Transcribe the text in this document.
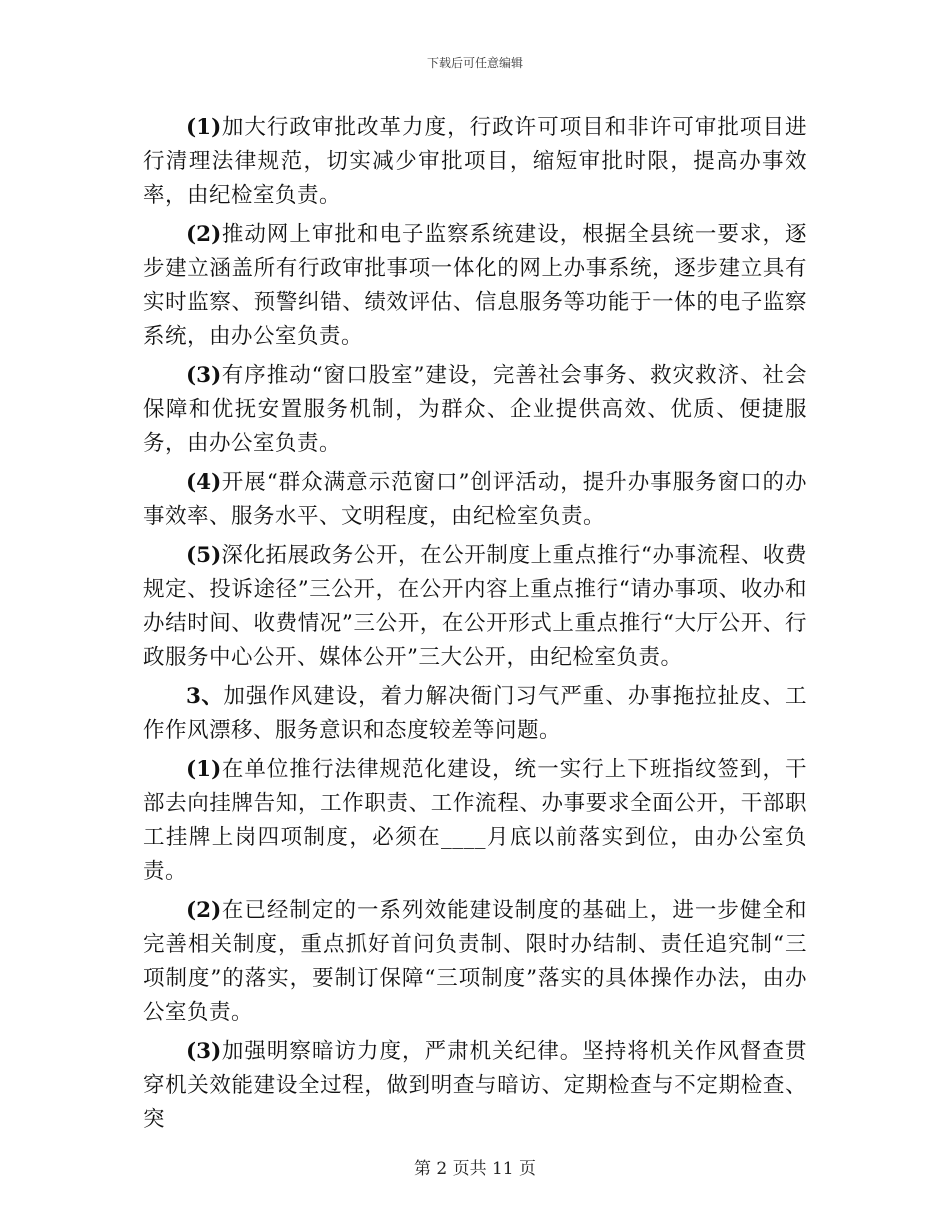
下载后可任意编辑

(1)加大行政审批改革力度，行政许可项目和非许可审批项目进行清理法律规范，切实减少审批项目，缩短审批时限，提高办事效率，由纪检室负责。

(2)推动网上审批和电子监察系统建设，根据全县统一要求，逐步建立涵盖所有行政审批事项一体化的网上办事系统，逐步建立具有实时监察、预警纠错、绩效评估、信息服务等功能于一体的电子监察系统，由办公室负责。

(3)有序推动“窗口股室”建设，完善社会事务、救灾救济、社会保障和优抚安置服务机制，为群众、企业提供高效、优质、便捷服务，由办公室负责。

(4)开展“群众满意示范窗口”创评活动，提升办事服务窗口的办事效率、服务水平、文明程度，由纪检室负责。

(5)深化拓展政务公开，在公开制度上重点推行“办事流程、收费规定、投诉途径”三公开，在公开内容上重点推行“请办事项、收办和办结时间、收费情况”三公开，在公开形式上重点推行“大厅公开、行政服务中心公开、媒体公开”三大公开，由纪检室负责。

3、加强作风建设，着力解决衙门习气严重、办事拖拉扯皮、工作作风漂移、服务意识和态度较差等问题。

(1)在单位推行法律规范化建设，统一实行上下班指纹签到，干部去向挂牌告知，工作职责、工作流程、办事要求全面公开，干部职工挂牌上岗四项制度，必须在____月底以前落实到位，由办公室负责。

(2)在已经制定的一系列效能建设制度的基础上，进一步健全和完善相关制度，重点抓好首问负责制、限时办结制、责任追究制“三项制度”的落实，要制订保障“三项制度”落实的具体操作办法，由办公室负责。

(3)加强明察暗访力度，严肃机关纪律。坚持将机关作风督查贯穿机关效能建设全过程，做到明查与暗访、定期检查与不定期检查、突

第 2 页共 11 页
